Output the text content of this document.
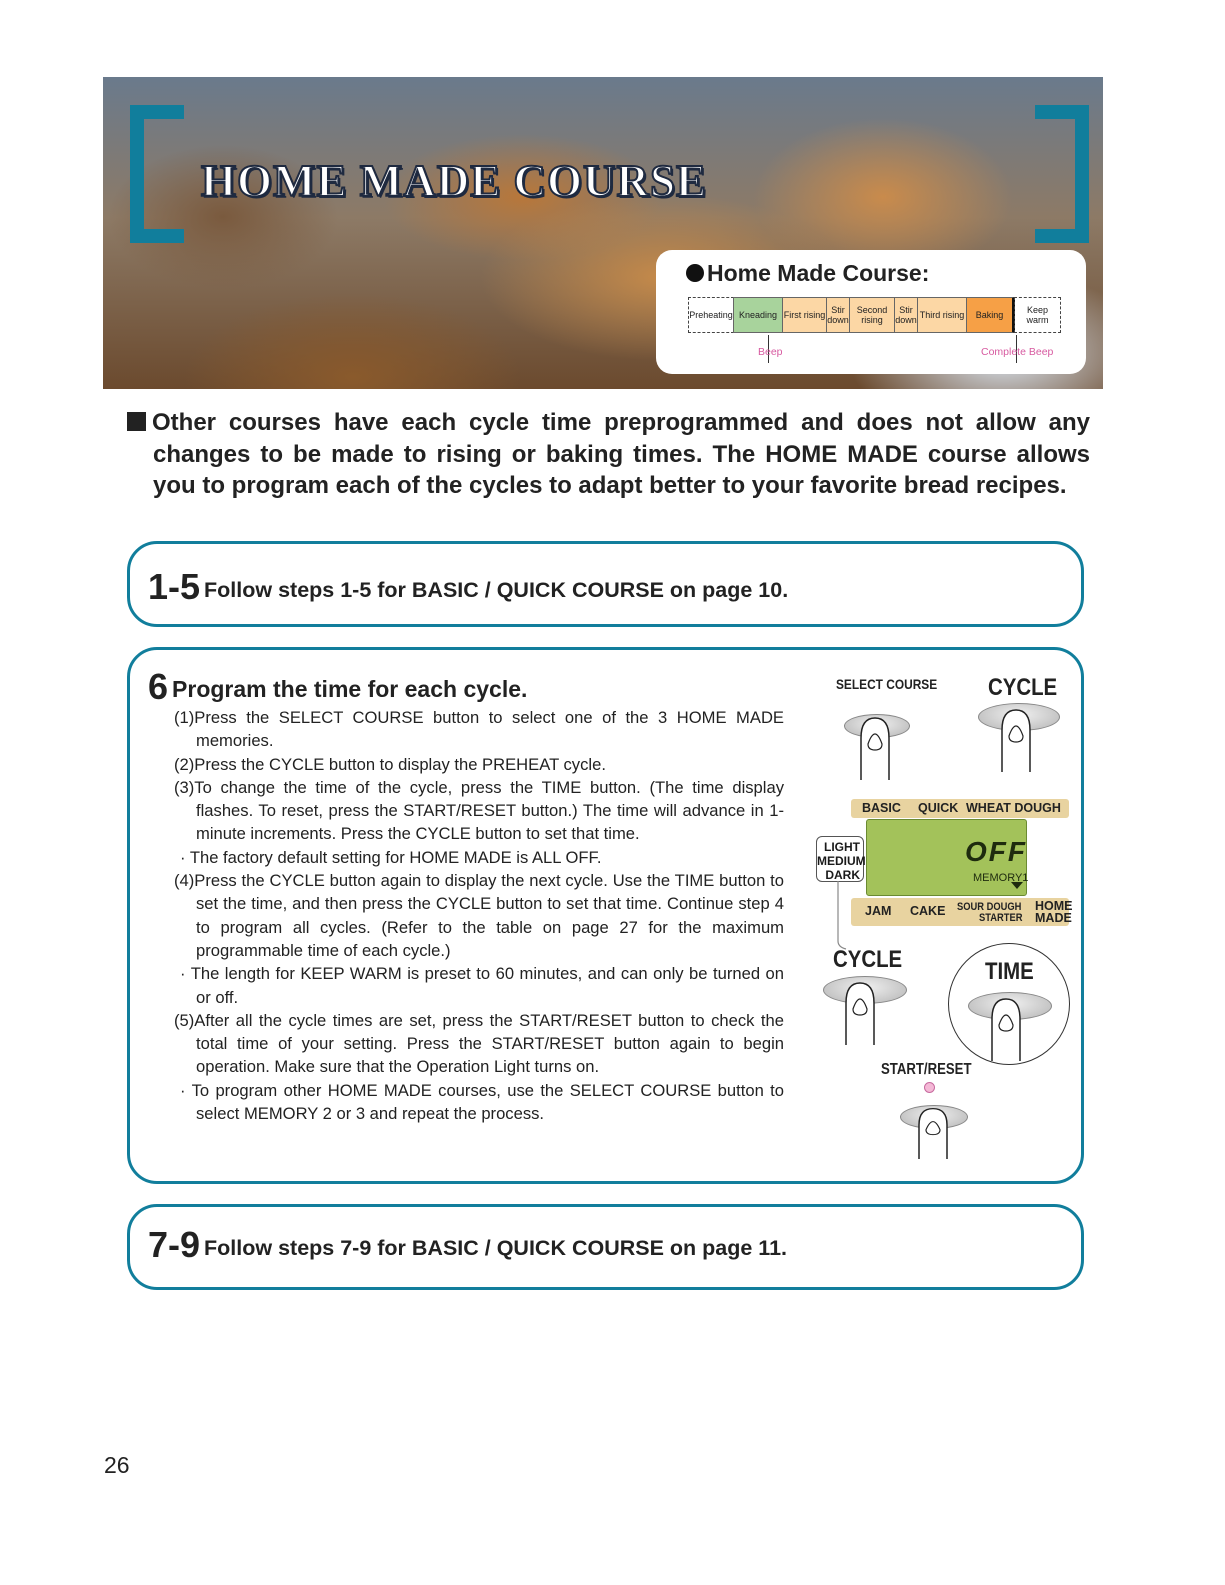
HOME MADE COURSE
Home Made Course:
Preheating Kneading First rising Stir down
Second rising
Stir down Third rising	Baking	Keep warm
Beep	Complete Beep
Other courses have each cycle time preprogrammed and does not allow any changes to be made to rising or baking times. The HOME MADE course allows you to program each of the cycles to adapt better to your favorite bread recipes.
1-5 Follow steps 1-5 for BASIC / QUICK COURSE on page 10.
6 Program the time for each cycle.

(1)Press the SELECT COURSE button to select one of the 3 HOME MADE memories.

(2)Press the CYCLE button to display the PREHEAT cycle.

(3)To change the time of the cycle, press the TIME button. (The time display flashes. To reset, press the START/RESET button.) The time will advance in 1-minute increments. Press the CYCLE button to set that time.

· The factory default setting for HOME MADE is ALL OFF.

(4)Press the CYCLE button again to display the next cycle. Use the TIME button to set the time, and then press the CYCLE button to set that time. Continue step 4 to program all cycles. (Refer to the table on page 27 for the maximum programmable time of each cycle.)

· The length for KEEP WARM is preset to 60 minutes, and can only be turned on or off.

(5)After all the cycle times are set, press the START/RESET button to check the total time of your setting. Press the START/RESET button again to begin operation. Make sure that the Operation Light turns on.

· To program other HOME MADE courses, use the SELECT COURSE button to select MEMORY 2 or 3 and repeat the process.

SELECT COURSE CYCLE
BASIC QUICK WHEAT DOUGH
LIGHT
MEDIUM
DARK
OFF
MEMORY1
JAM CAKE SOUR DOUGH
STARTER
HOME
MADE
CYCLE	TIME
START/RESET
7-9 Follow steps 7-9 for BASIC / QUICK COURSE on page 11.
26
